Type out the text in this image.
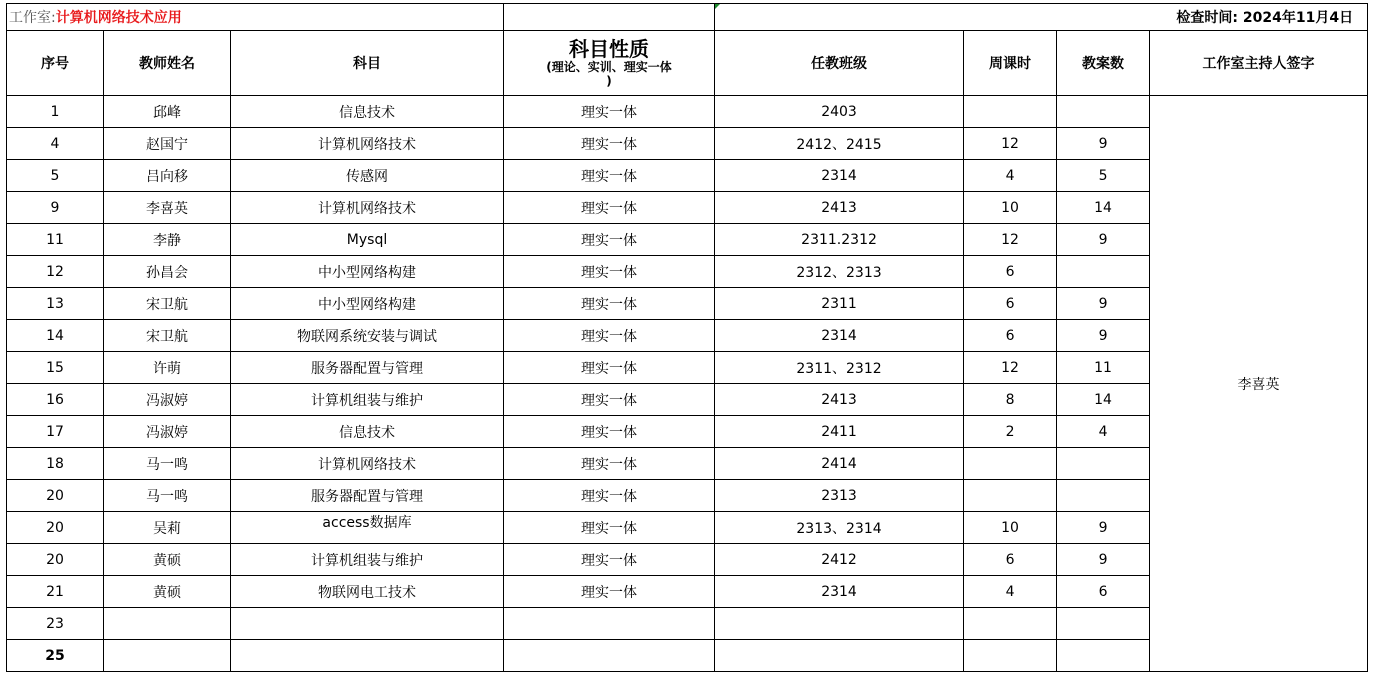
工作室:计算机网络技术应用				检查时间: 2024年11月4日			
序号	教师姓名	科目	科目性质
(理论、实训、理实一体
)	任教班级	周课时	教案数	工作室主持人签字
1	邱峰	信息技术	理实一体	2403			李喜英
4	赵国宁	计算机网络技术	理实一体	2412、2415	12	9	
5	吕向移	传感网	理实一体	2314	4	5	
9	李喜英	计算机网络技术	理实一体	2413	10	14	
11	李静	Mysql	理实一体	2311.2312	12	9	
12	孙昌会	中小型网络构建	理实一体	2312、2313	6		
13	宋卫航	中小型网络构建	理实一体	2311	6	9	
14	宋卫航	物联网系统安装与调试	理实一体	2314	6	9	
15	许萌	服务器配置与管理	理实一体	2311、2312	12	11	
16	冯淑婷	计算机组装与维护	理实一体	2413	8	14	
17	冯淑婷	信息技术	理实一体	2411	2	4	
18	马一鸣	计算机网络技术	理实一体	2414			
20	马一鸣	服务器配置与管理	理实一体	2313			
20	吴莉	access数据库	理实一体	2313、2314	10	9	
20	黄硕	计算机组装与维护	理实一体	2412	6	9	
21	黄硕	物联网电工技术	理实一体	2314	4	6	
23							
25							
